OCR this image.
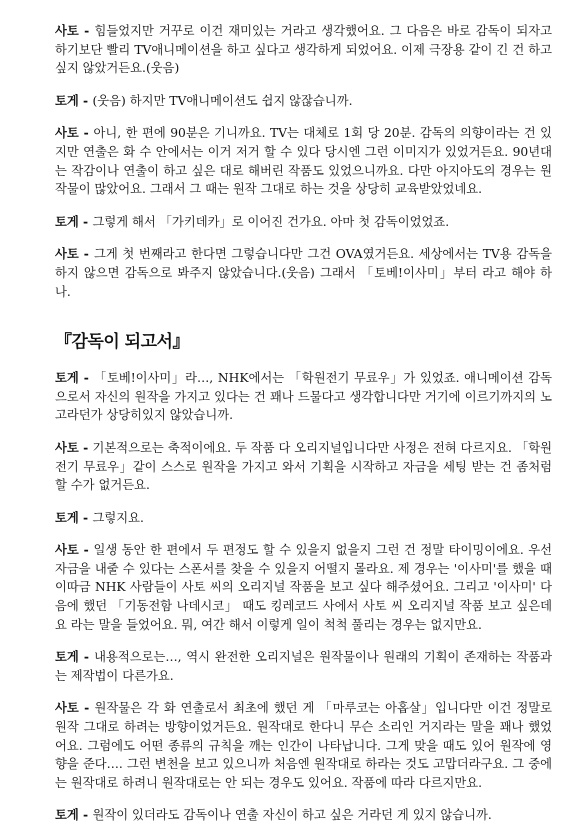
사토 - 힘들었지만 거꾸로 이건 재미있는 거라고 생각했어요. 그 다음은 바로 감독이 되자고 하기보단 빨리 TV애니메이션을 하고 싶다고 생각하게 되었어요. 이제 극장용 같이 긴 건 하고 싶지 않았거든요.(웃음)

토게 - (웃음) 하지만 TV애니메이션도 쉽지 않잖습니까.

사토 - 아니, 한 편에 90분은 기니까요. TV는 대체로 1회 당 20분. 감독의 의향이라는 건 있지만 연출은 화 수 안에서는 이거 저거 할 수 있다 당시엔 그런 이미지가 있었거든요. 90년대는 작감이나 연출이 하고 싶은 대로 해버린 작품도 있었으니까요. 다만 아지아도의 경우는 원작물이 많았어요. 그래서 그 때는 원작 그대로 하는 것을 상당히 교육받았었네요.

토게 - 그렇게 해서 「가키데카」로 이어진 건가요. 아마 첫 감독이었었죠.

사토 - 그게 첫 번째라고 한다면 그렇습니다만 그건 OVA였거든요. 세상에서는 TV용 감독을 하지 않으면 감독으로 봐주지 않았습니다.(웃음) 그래서 「토베!이사미」부터 라고 해야 하나.

『감독이 되고서』

토게 - 「토베!이사미」라…, NHK에서는 「학원전기 무료우」가 있었죠. 애니메이션 감독으로서 자신의 원작을 가지고 있다는 건 꽤나 드물다고 생각합니다만 거기에 이르기까지의 노고라던가 상당히있지 않았습니까.

사토 - 기본적으로는 축적이에요. 두 작품 다 오리지널입니다만 사정은 전혀 다르지요. 「학원전기 무료우」같이 스스로 원작을 가지고 와서 기획을 시작하고 자금을 세팅 받는 건 좀처럼 할 수가 없거든요.

토게 - 그렇지요.

사토 - 일생 동안 한 편에서 두 편정도 할 수 있을지 없을지 그런 건 정말 타이밍이에요. 우선 자금을 내줄 수 있다는 스폰서를 찾을 수 있을지 어떨지 몰라요. 제 경우는 '이사미'를 했을 때 이따금 NHK 사람들이 사토 씨의 오리지널 작품을 보고 싶다 해주셨어요. 그리고 '이사미' 다음에 했던 「기동전함 나데시코」 때도 킹레코드 사에서 사토 씨 오리지널 작품 보고 싶은데요 라는 말을 들었어요. 뭐, 여간 해서 이렇게 일이 척척 풀리는 경우는 없지만요.

토게 - 내용적으로는…, 역시 완전한 오리지널은 원작물이나 원래의 기획이 존재하는 작품과는 제작법이 다른가요.

사토 - 원작물은 각 화 연출로서 최초에 했던 게 「마루코는 아홉살」입니다만 이건 정말로 원작 그대로 하려는 방향이었거든요. 원작대로 한다니 무슨 소리인 거지라는 말을 꽤나 했었어요. 그럼에도 어떤 종류의 규칙을 깨는 인간이 나타납니다. 그게 맞을 때도 있어 원작에 영향을 준다…. 그런 변천을 보고 있으니까 처음엔 원작대로 하라는 것도 고맙더라구요. 그 중에는 원작대로 하려니 원작대로는 안 되는 경우도 있어요. 작품에 따라 다르지만요.

토게 - 원작이 있더라도 감독이나 연출 자신이 하고 싶은 거라던 게 있지 않습니까.
